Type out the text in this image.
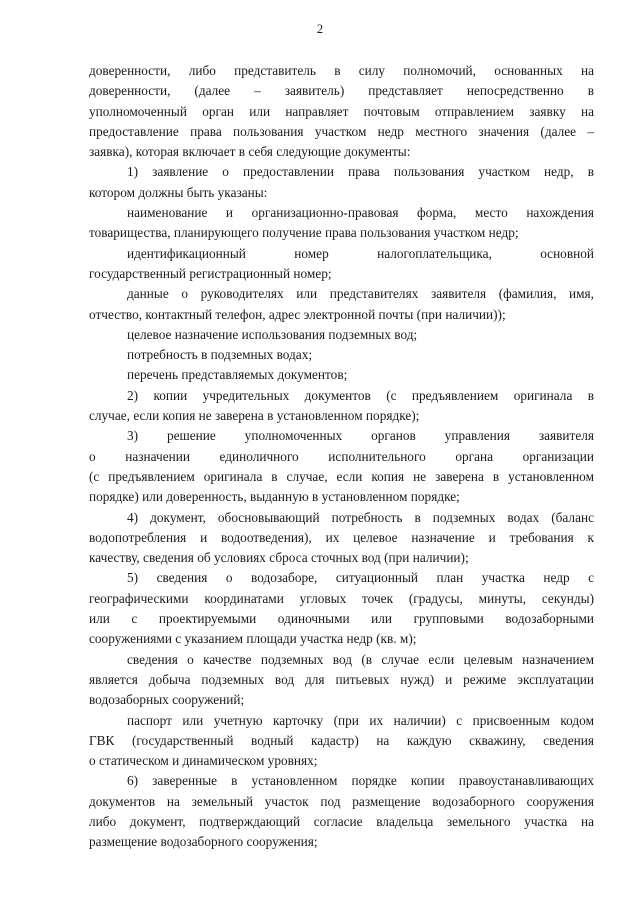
2
доверенности, либо представитель в силу полномочий, основанных на
доверенности, (далее – заявитель) представляет непосредственно в
уполномоченный орган или направляет почтовым отправлением заявку на
предоставление права пользования участком недр местного значения (далее –
заявка), которая включает в себя следующие документы:
1) заявление о предоставлении права пользования участком недр, в
котором должны быть указаны:
наименование и организационно-правовая форма, место нахождения
товарищества, планирующего получение права пользования участком недр;
идентификационный номер налогоплательщика, основной
государственный регистрационный номер;
данные о руководителях или представителях заявителя (фамилия, имя,
отчество, контактный телефон, адрес электронной почты (при наличии));
целевое назначение использования подземных вод;
потребность в подземных водах;
перечень представляемых документов;
2) копии учредительных документов (с предъявлением оригинала в
случае, если копия не заверена в установленном порядке);
3) решение уполномоченных органов управления заявителя
о назначении единоличного исполнительного органа организации
(с предъявлением оригинала в случае, если копия не заверена в установленном
порядке) или доверенность, выданную в установленном порядке;
4) документ, обосновывающий потребность в подземных водах (баланс
водопотребления и водоотведения), их целевое назначение и требования к
качеству, сведения об условиях сброса сточных вод (при наличии);
5) сведения о водозаборе, ситуационный план участка недр с
географическими координатами угловых точек (градусы, минуты, секунды)
или с проектируемыми одиночными или групповыми водозаборными
сооружениями с указанием площади участка недр (кв. м);
сведения о качестве подземных вод (в случае если целевым назначением
является добыча подземных вод для питьевых нужд) и режиме эксплуатации
водозаборных сооружений;
паспорт или учетную карточку (при их наличии) с присвоенным кодом
ГВК (государственный водный кадастр) на каждую скважину, сведения
о статическом и динамическом уровнях;
6) заверенные в установленном порядке копии правоустанавливающих
документов на земельный участок под размещение водозаборного сооружения
либо документ, подтверждающий согласие владельца земельного участка на
размещение водозаборного сооружения;
